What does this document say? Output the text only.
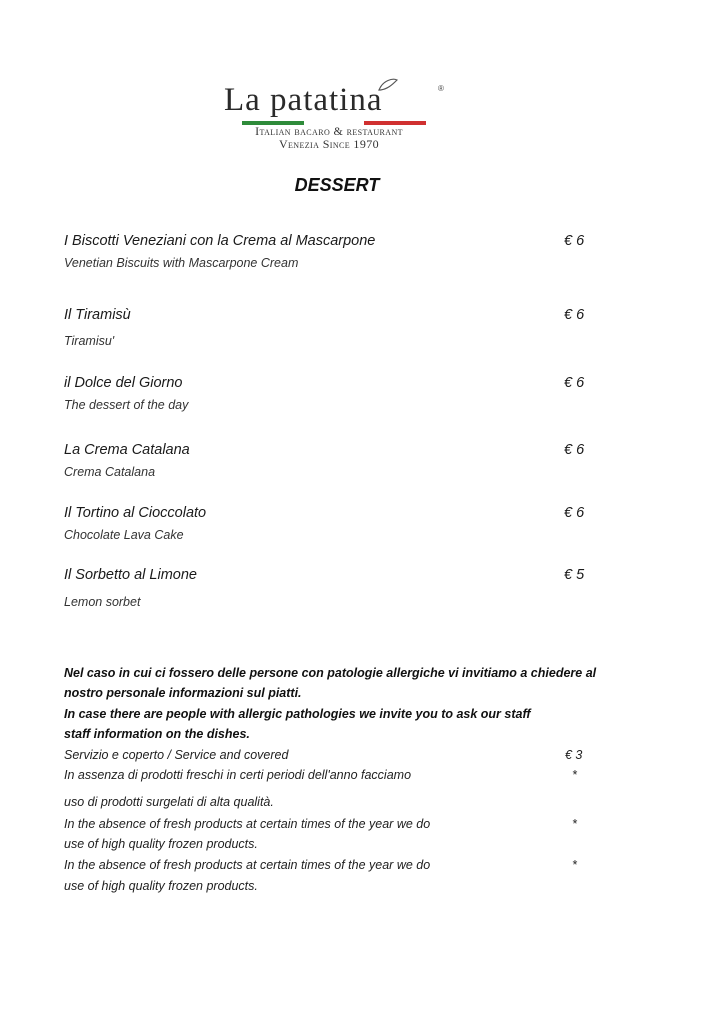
La patatina	®
Italian bacaro & restaurant
Venezia Since 1970
DESSERT
I Biscotti Veneziani con la Crema al Mascarpone	€ 6
Venetian Biscuits with Mascarpone Cream
Il Tiramisù	€ 6
Tiramisu'
il Dolce del Giorno	€ 6
The dessert of the day
La Crema Catalana	€ 6
Crema Catalana
Il Tortino al Cioccolato	€ 6
Chocolate Lava Cake
Il Sorbetto al Limone	€ 5
Lemon sorbet
Nel caso in cui ci fossero delle persone con patologie allergiche vi invitiamo a chiedere al
nostro personale informazioni sul piatti.
In case there are people with allergic pathologies we invite you to ask our staff
staff information on the dishes.
Servizio e coperto / Service and covered	€ 3
In assenza di prodotti freschi in certi periodi dell'anno facciamo	*
uso di prodotti surgelati di alta qualità.
In the absence of fresh products at certain times of the year we do	*
use of high quality frozen products.
In the absence of fresh products at certain times of the year we do	*
use of high quality frozen products.
